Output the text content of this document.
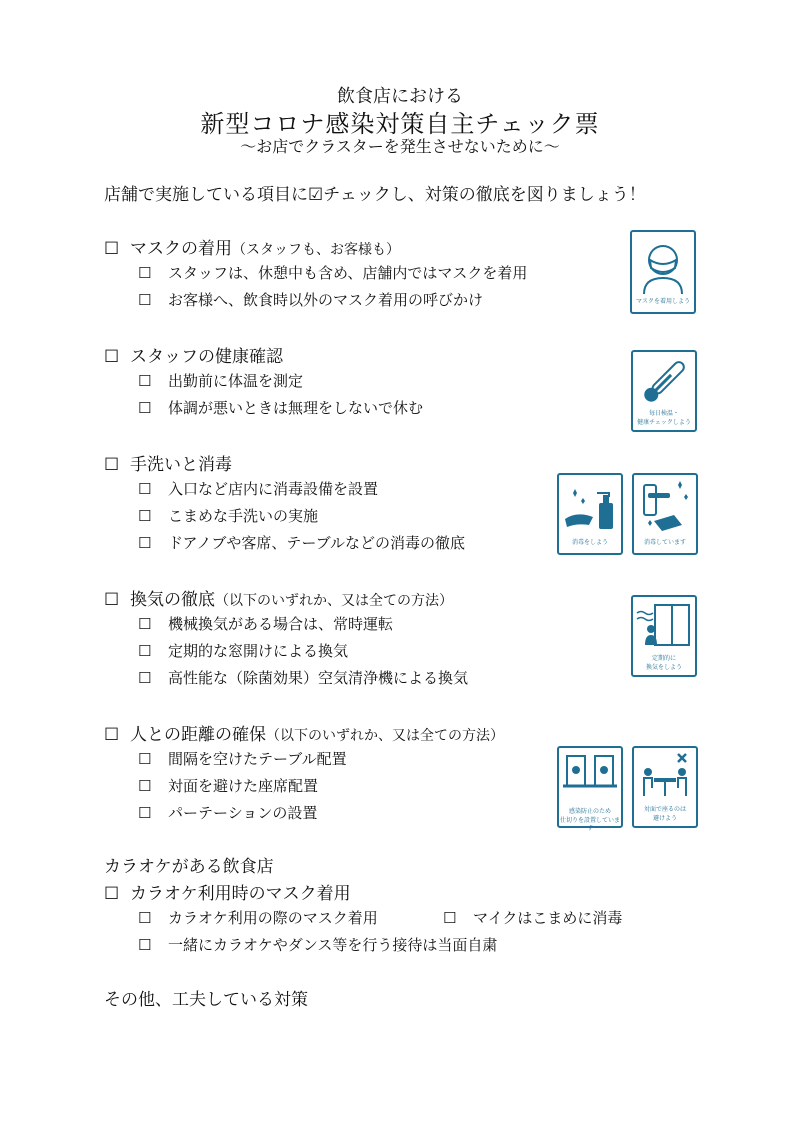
飲食店における
新型コロナ感染対策自主チェック票
～お店でクラスターを発生させないために～
店舗で実施している項目に☑チェックし、対策の徹底を図りましょう！
☐ マスクの着用（スタッフも、お客様も）
☐ スタッフは、休憩中も含め、店舗内ではマスクを着用
☐ お客様へ、飲食時以外のマスク着用の呼びかけ
☐ スタッフの健康確認
☐ 出勤前に体温を測定
☐ 体調が悪いときは無理をしないで休む
☐ 手洗いと消毒
☐ 入口など店内に消毒設備を設置
☐ こまめな手洗いの実施
☐ ドアノブや客席、テーブルなどの消毒の徹底
☐ 換気の徹底（以下のいずれか、又は全ての方法）
☐ 機械換気がある場合は、常時運転
☐ 定期的な窓開けによる換気
☐ 高性能な（除菌効果）空気清浄機による換気
☐ 人との距離の確保（以下のいずれか、又は全ての方法）
☐ 間隔を空けたテーブル配置
☐ 対面を避けた座席配置
☐ パーテーションの設置
カラオケがある飲食店
☐ カラオケ利用時のマスク着用
☐ カラオケ利用の際のマスク着用	☐ マイクはこまめに消毒
☐ 一緒にカラオケやダンス等を行う接待は当面自粛
その他、工夫している対策
マスクを着用しよう
毎日検温・
健康チェックしよう
消毒をしよう	消毒しています
定期的に
換気をしよう
感染防止のため
仕切りを設置しています
対面で座るのは
避けよう
